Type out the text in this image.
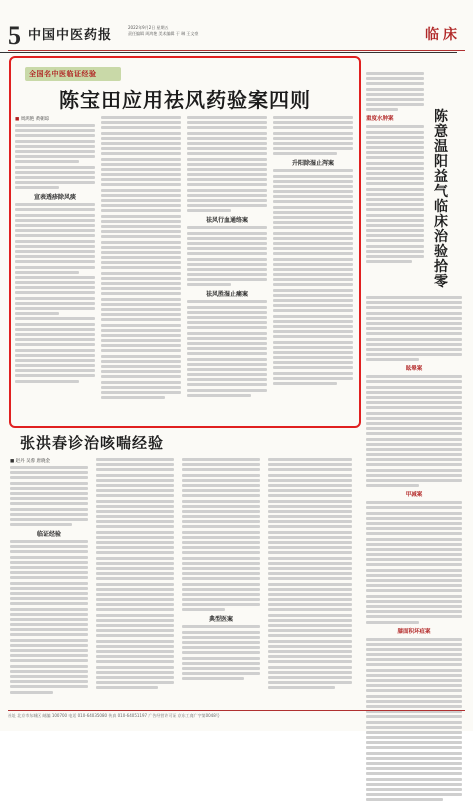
5 中国中医药报
2022年9月2日 星期五
责任编辑 周鸿艳 美术编辑 于 琳 王文豪	临床
全国名中医临证经验
陈宝田应用祛风药验案四则
■ 周鸿艳 黄朝琼
宣表透疹除风痰
祛风行血通络案
祛风胜湿止痛案
升阳除湿止泻案
张洪春诊治咳喘经验
■ 赵丹 吴蓉 唐晓金
临证经验
典型医案
重度水肿案	陈意温阳益气临床治验拾零
眩晕案
甲减案
膝面积坏疽案
社址 北京市东城区 邮编 100700 电话 010-64035080 传真 010-64051197 广告经营许可证 京东工商广字第0048号
